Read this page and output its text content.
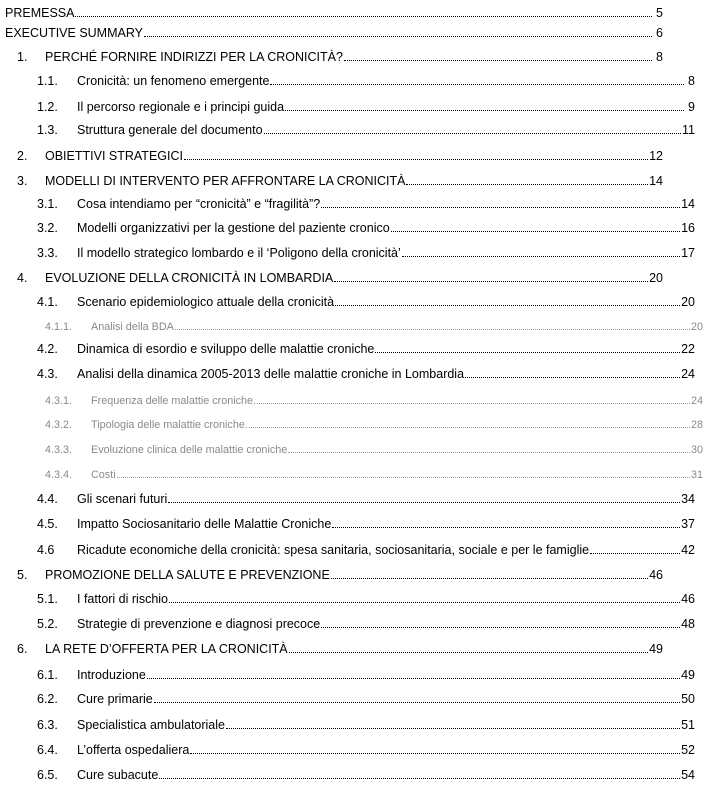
PREMESSA	5
EXECUTIVE SUMMARY	6
1.	PERCHÉ FORNIRE INDIRIZZI PER LA CRONICITÀ?	8
1.1.	Cronicità: un fenomeno emergente	8
1.2.	Il percorso regionale e i principi guida	9
1.3.	Struttura generale del documento	11
2.	OBIETTIVI STRATEGICI	12
3.	MODELLI DI INTERVENTO PER AFFRONTARE LA CRONICITÀ	14
3.1.	Cosa intendiamo per “cronicità” e “fragilità”?	14
3.2.	Modelli organizzativi per la gestione del paziente cronico	16
3.3.	Il modello strategico lombardo e il ‘Poligono della cronicità’	17
4.	EVOLUZIONE DELLA CRONICITÀ IN LOMBARDIA	20
4.1.	Scenario epidemiologico attuale della cronicità	20
4.1.1.	Analisi della BDA	20
4.2.	Dinamica di esordio e sviluppo delle malattie croniche	22
4.3.	Analisi della dinamica 2005-2013 delle malattie croniche in Lombardia	24
4.3.1.	Frequenza delle malattie croniche.	24
4.3.2.	Tipologia delle malattie croniche.	28
4.3.3.	Evoluzione clinica delle malattie croniche	30
4.3.4.	Costi	31
4.4.	Gli scenari futuri	34
4.5.	Impatto Sociosanitario delle Malattie Croniche	37
4.6	Ricadute economiche della cronicità: spesa sanitaria, sociosanitaria, sociale e per le famiglie	42
5.	PROMOZIONE DELLA SALUTE E PREVENZIONE	46
5.1.	I fattori di rischio	46
5.2.	Strategie di prevenzione e diagnosi precoce	48
6.	LA RETE D’OFFERTA PER LA CRONICITÀ	49
6.1.	Introduzione	49
6.2.	Cure primarie	50
6.3.	Specialistica ambulatoriale	51
6.4.	L’offerta ospedaliera	52
6.5.	Cure subacute	54
